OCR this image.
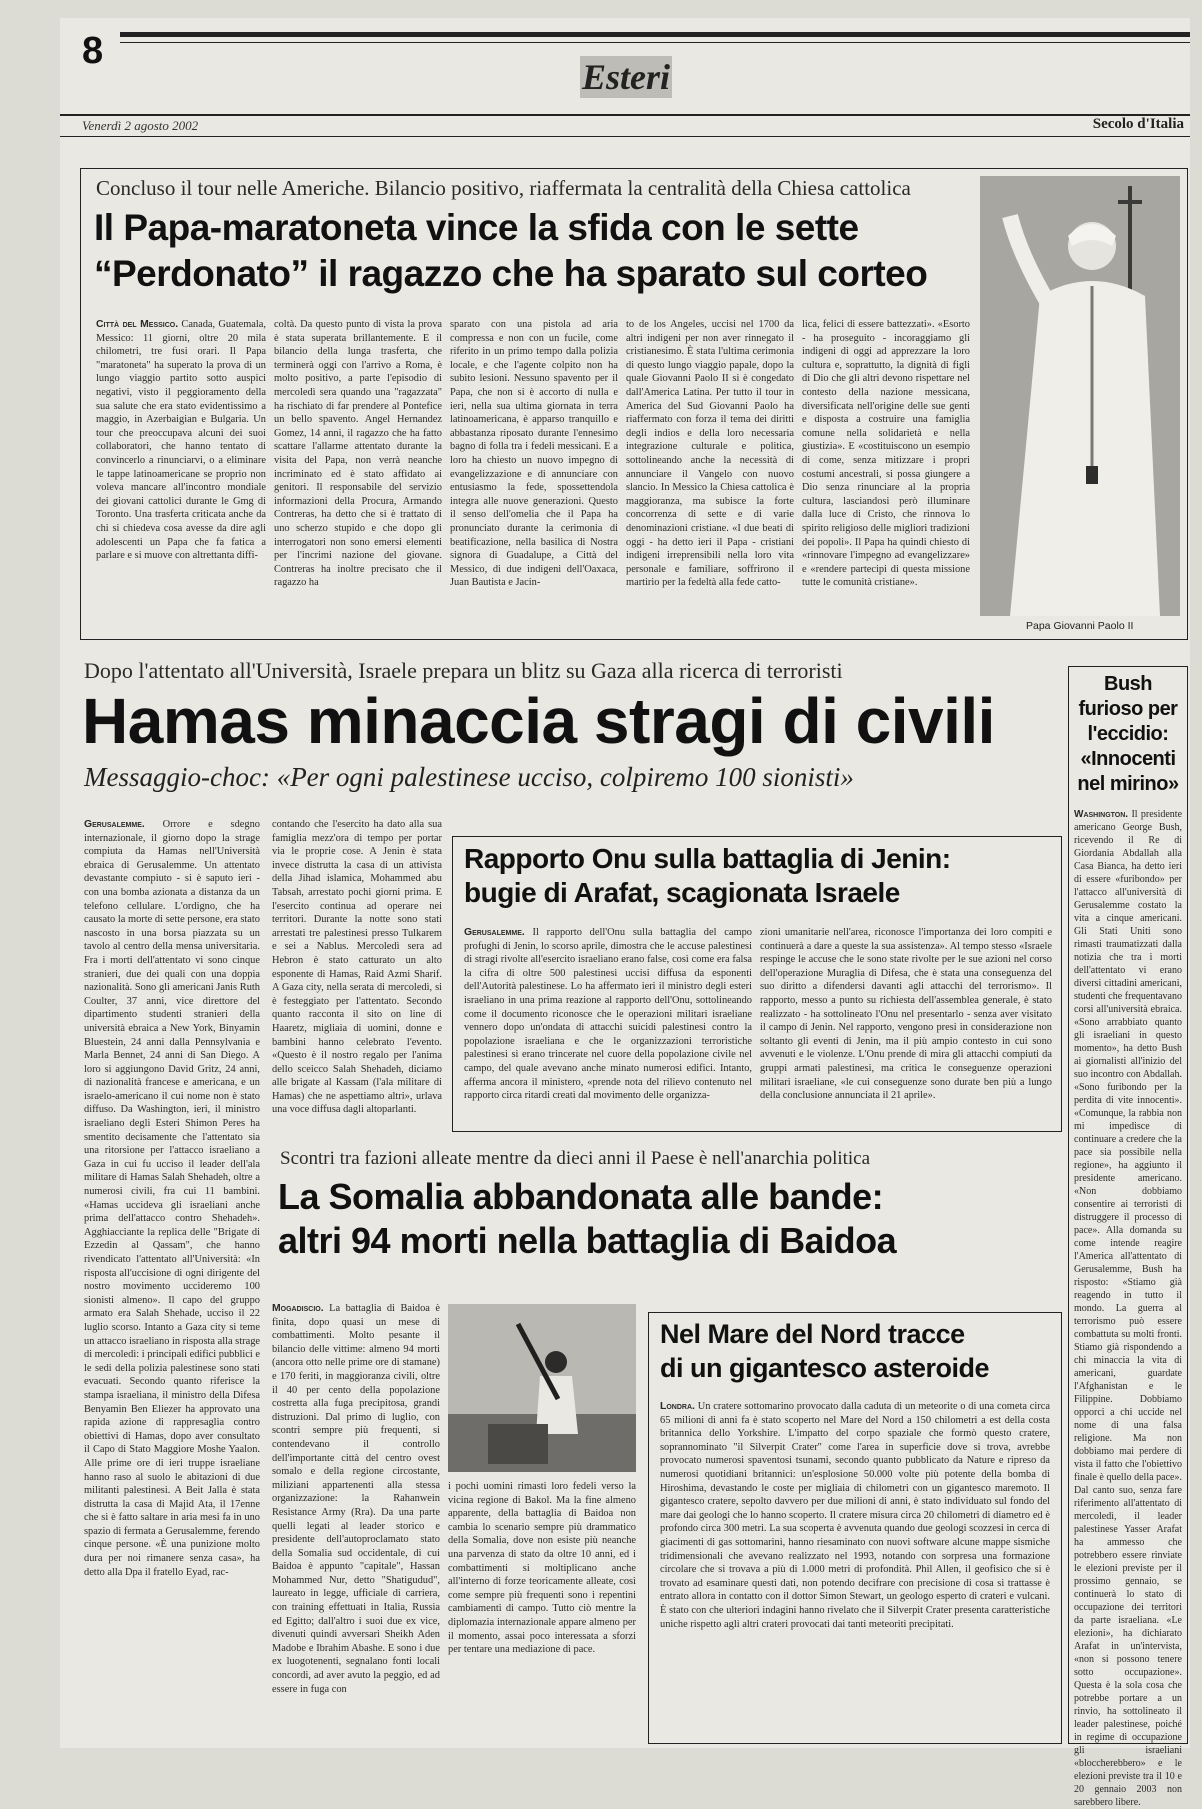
8
Esteri
Venerdì 2 agosto 2002	Secolo d'Italia
Concluso il tour nelle Americhe. Bilancio positivo, riaffermata la centralità della Chiesa cattolica
Il Papa-maratoneta vince la sfida con le sette
“Perdonato” il ragazzo che ha sparato sul corteo

Città del Messico. Canada, Guatemala, Messico: 11 giorni, oltre 20 mila chilometri, tre fusi orari. Il Papa "maratoneta" ha superato la prova di un lungo viaggio partito sotto auspici negativi, visto il peggioramento della sua salute che era stato evidentissimo a maggio, in Azerbaigian e Bulgaria. Un tour che preoccupava alcuni dei suoi collaboratori, che hanno tentato di convincerlo a rinunciarvi, o a eliminare le tappe latinoamericane se proprio non voleva mancare all'incontro mondiale dei giovani cattolici durante le Gmg di Toronto. Una trasferta criticata anche da chi si chiedeva cosa avesse da dire agli adolescenti un Papa che fa fatica a parlare e si muove con altrettanta diffi-

coltà. Da questo punto di vista la prova è stata superata brillantemente. E il bilancio della lunga trasferta, che terminerà oggi con l'arrivo a Roma, è molto positivo, a parte l'episodio di mercoledì sera quando una "ragazzata" ha rischiato di far prendere al Pontefice un bello spavento. Angel Hernandez Gomez, 14 anni, il ragazzo che ha fatto scattare l'allarme attentato durante la visita del Papa, non verrà neanche incriminato ed è stato affidato ai genitori. Il responsabile del servizio informazioni della Procura, Armando Contreras, ha detto che si è trattato di uno scherzo stupido e che dopo gli interrogatori non sono emersi elementi per l'incrimi nazione del giovane. Contreras ha inoltre precisato che il ragazzo ha

sparato con una pistola ad aria compressa e non con un fucile, come riferito in un primo tempo dalla polizia locale, e che l'agente colpito non ha subito lesioni. Nessuno spavento per il Papa, che non si è accorto di nulla e ieri, nella sua ultima giornata in terra latinoamericana, è apparso tranquillo e abbastanza riposato durante l'ennesimo bagno di folla tra i fedeli messicani. E a loro ha chiesto un nuovo impegno di evangelizzazione e di annunciare con entusiasmo la fede, spossettendola integra alle nuove generazioni. Questo il senso dell'omelia che il Papa ha pronunciato durante la cerimonia di beatificazione, nella basilica di Nostra signora di Guadalupe, a Città del Messico, di due indigeni dell'Oaxaca, Juan Bautista e Jacin-

to de los Angeles, uccisi nel 1700 da altri indigeni per non aver rinnegato il cristianesimo. È stata l'ultima cerimonia di questo lungo viaggio papale, dopo la quale Giovanni Paolo II si è congedato dall'America Latina. Per tutto il tour in America del Sud Giovanni Paolo ha riaffermato con forza il tema dei diritti degli indios e della loro necessaria integrazione culturale e politica, sottolineando anche la necessità di annunciare il Vangelo con nuovo slancio. In Messico la Chiesa cattolica è maggioranza, ma subisce la forte concorrenza di sette e di varie denominazioni cristiane. «I due beati di oggi - ha detto ieri il Papa - cristiani indigeni irreprensibili nella loro vita personale e familiare, soffrirono il martirio per la fedeltà alla fede catto-

lica, felici di essere battezzati». «Esorto - ha proseguito - incoraggiamo gli indigeni di oggi ad apprezzare la loro cultura e, soprattutto, la dignità di figli di Dio che gli altri devono rispettare nel contesto della nazione messicana, diversificata nell'origine delle sue genti e disposta a costruire una famiglia comune nella solidarietà e nella giustizia». E «costituiscono un esempio di come, senza mitizzare i propri costumi ancestrali, si possa giungere a Dio senza rinunciare al la propria cultura, lasciandosi però illuminare dalla luce di Cristo, che rinnova lo spirito religioso delle migliori tradizioni dei popoli». Il Papa ha quindi chiesto di «rinnovare l'impegno ad evangelizzare» e «rendere partecipi di questa missione tutte le comunità cristiane».

Papa Giovanni Paolo II
Dopo l'attentato all'Università, Israele prepara un blitz su Gaza alla ricerca di terroristi
Hamas minaccia stragi di civili
Messaggio-choc: «Per ogni palestinese ucciso, colpiremo 100 sionisti»

Gerusalemme. Orrore e sdegno internazionale, il giorno dopo la strage compiuta da Hamas nell'Università ebraica di Gerusalemme. Un attentato devastante compiuto - si è saputo ieri - con una bomba azionata a distanza da un telefono cellulare. L'ordigno, che ha causato la morte di sette persone, era stato nascosto in una borsa piazzata su un tavolo al centro della mensa universitaria. Fra i morti dell'attentato vi sono cinque stranieri, due dei quali con una doppia nazionalità. Sono gli americani Janis Ruth Coulter, 37 anni, vice direttore del dipartimento studenti stranieri della università ebraica a New York, Binyamin Bluestein, 24 anni dalla Pennsylvania e Marla Bennet, 24 anni di San Diego. A loro si aggiungono David Gritz, 24 anni, di nazionalità francese e americana, e un israelo-americano il cui nome non è stato diffuso. Da Washington, ieri, il ministro israeliano degli Esteri Shimon Peres ha smentito decisamente che l'attentato sia una ritorsione per l'attacco israeliano a Gaza in cui fu ucciso il leader dell'ala militare di Hamas Salah Shehadeh, oltre a numerosi civili, fra cui 11 bambini. «Hamas uccideva gli israeliani anche prima dell'attacco contro Shehadeh». Agghiacciante la replica delle "Brigate di Ezzedin al Qassam", che hanno rivendicato l'attentato all'Università: «In risposta all'uccisione di ogni dirigente del nostro movimento uccideremo 100 sionisti almeno». Il capo del gruppo armato era Salah Shehade, ucciso il 22 luglio scorso. Intanto a Gaza city si teme un attacco israeliano in risposta alla strage di mercoledì: i principali edifici pubblici e le sedi della polizia palestinese sono stati evacuati. Secondo quanto riferisce la stampa israeliana, il ministro della Difesa Benyamin Ben Eliezer ha approvato una rapida azione di rappresaglia contro obiettivi di Hamas, dopo aver consultato il Capo di Stato Maggiore Moshe Yaalon. Alle prime ore di ieri truppe israeliane hanno raso al suolo le abitazioni di due militanti palestinesi. A Beit Jalla è stata distrutta la casa di Majid Ata, il 17enne che si è fatto saltare in aria mesi fa in uno spazio di fermata a Gerusalemme, ferendo cinque persone. «È una punizione molto dura per noi rimanere senza casa», ha detto alla Dpa il fratello Eyad, rac-

contando che l'esercito ha dato alla sua famiglia mezz'ora di tempo per portar via le proprie cose. A Jenin è stata invece distrutta la casa di un attivista della Jihad islamica, Mohammed abu Tabsah, arrestato pochi giorni prima. E l'esercito continua ad operare nei territori. Durante la notte sono stati arrestati tre palestinesi presso Tulkarem e sei a Nablus. Mercoledì sera ad Hebron è stato catturato un alto esponente di Hamas, Raid Azmi Sharif. A Gaza city, nella serata di mercoledì, si è festeggiato per l'attentato. Secondo quanto racconta il sito on line di Haaretz, migliaia di uomini, donne e bambini hanno celebrato l'evento. «Questo è il nostro regalo per l'anima dello sceicco Salah Shehadeh, diciamo alle brigate al Kassam (l'ala militare di Hamas) che ne aspettiamo altri», urlava una voce diffusa dagli altoparlanti.

Rapporto Onu sulla battaglia di Jenin:
bugie di Arafat, scagionata Israele

Gerusalemme. Il rapporto dell'Onu sulla battaglia del campo profughi di Jenin, lo scorso aprile, dimostra che le accuse palestinesi di stragi rivolte all'esercito israeliano erano false, così come era falsa la cifra di oltre 500 palestinesi uccisi diffusa da esponenti dell'Autorità palestinese. Lo ha affermato ieri il ministro degli esteri israeliano in una prima reazione al rapporto dell'Onu, sottolineando come il documento riconosce che le operazioni militari israeliane vennero dopo un'ondata di attacchi suicidi palestinesi contro la popolazione israeliana e che le organizzazioni terroristiche palestinesi si erano trincerate nel cuore della popolazione civile nel campo, del quale avevano anche minato numerosi edifici. Intanto, afferma ancora il ministero, «prende nota del rilievo contenuto nel rapporto circa ritardi creati dal movimento delle organizza-

zioni umanitarie nell'area, riconosce l'importanza dei loro compiti e continuerà a dare a queste la sua assistenza». Al tempo stesso «Israele respinge le accuse che le sono state rivolte per le sue azioni nel corso dell'operazione Muraglia di Difesa, che è stata una conseguenza del suo diritto a difendersi davanti agli attacchi del terrorismo». Il rapporto, messo a punto su richiesta dell'assemblea generale, è stato realizzato - ha sottolineato l'Onu nel presentarlo - senza aver visitato il campo di Jenin. Nel rapporto, vengono presi in considerazione non soltanto gli eventi di Jenin, ma il più ampio contesto in cui sono avvenuti e le violenze. L'Onu prende di mira gli attacchi compiuti da gruppi armati palestinesi, ma critica le conseguenze operazioni militari israeliane, «le cui conseguenze sono durate ben più a lungo della conclusione annunciata il 21 aprile».

Scontri tra fazioni alleate mentre da dieci anni il Paese è nell'anarchia politica
La Somalia abbandonata alle bande:
altri 94 morti nella battaglia di Baidoa

Mogadiscio. La battaglia di Baidoa è finita, dopo quasi un mese di combattimenti. Molto pesante il bilancio delle vittime: almeno 94 morti (ancora otto nelle prime ore di stamane) e 170 feriti, in maggioranza civili, oltre il 40 per cento della popolazione costretta alla fuga precipitosa, grandi distruzioni. Dal primo di luglio, con scontri sempre più frequenti, si contendevano il controllo dell'importante città del centro ovest somalo e della regione circostante, miliziani appartenenti alla stessa organizzazione: la Rahanwein Resistance Army (Rra). Da una parte quelli legati al leader storico e presidente dell'autoproclamato stato della Somalia sud occidentale, di cui Baidoa è appunto "capitale", Hassan Mohammed Nur, detto "Shatigudud", laureato in legge, ufficiale di carriera, con training effettuati in Italia, Russia ed Egitto; dall'altro i suoi due ex vice, divenuti quindi avversari Sheikh Aden Madobe e Ibrahim Abashe. E sono i due ex luogotenenti, segnalano fonti locali concordi, ad aver avuto la peggio, ed ad essere in fuga con

i pochi uomini rimasti loro fedeli verso la vicina regione di Bakol. Ma la fine almeno apparente, della battaglia di Baidoa non cambia lo scenario sempre più drammatico della Somalia, dove non esiste più neanche una parvenza di stato da oltre 10 anni, ed i combattimenti si moltiplicano anche all'interno di forze teoricamente alleate, così come sempre più frequenti sono i repentini cambiamenti di campo. Tutto ciò mentre la diplomazia internazionale appare almeno per il momento, assai poco interessata a sforzi per tentare una mediazione di pace.

Nel Mare del Nord tracce
di un gigantesco asteroide

Londra. Un cratere sottomarino provocato dalla caduta di un meteorite o di una cometa circa 65 milioni di anni fa è stato scoperto nel Mare del Nord a 150 chilometri a est della costa britannica dello Yorkshire. L'impatto del corpo spaziale che formò questo cratere, soprannominato "il Silverpit Crater" come l'area in superficie dove si trova, avrebbe provocato numerosi spaventosi tsunami, secondo quanto pubblicato da Nature e ripreso da numerosi quotidiani britannici: un'esplosione 50.000 volte più potente della bomba di Hiroshima, devastando le coste per migliaia di chilometri con un gigantesco maremoto. Il gigantesco cratere, sepolto davvero per due milioni di anni, è stato individuato sul fondo del mare dai geologi che lo hanno scoperto. Il cratere misura circa 20 chilometri di diametro ed è profondo circa 300 metri. La sua scoperta è avvenuta quando due geologi scozzesi in cerca di giacimenti di gas sottomarini, hanno riesaminato con nuovi software alcune mappe sismiche tridimensionali che avevano realizzato nel 1993, notando con sorpresa una formazione circolare che si trovava a più di 1.000 metri di profondità. Phil Allen, il geofisico che si è trovato ad esaminare questi dati, non potendo decifrare con precisione di cosa si trattasse è entrato allora in contatto con il dottor Simon Stewart, un geologo esperto di crateri e vulcani. È stato con che ulteriori indagini hanno rivelato che il Silverpit Crater presenta caratteristiche uniche rispetto agli altri crateri provocati dai tanti meteoriti precipitati.

Bush furioso per l'eccidio: «Innocenti nel mirino»

Washington. Il presidente americano George Bush, ricevendo il Re di Giordania Abdallah alla Casa Bianca, ha detto ieri di essere «furibondo» per l'attacco all'università di Gerusalemme costato la vita a cinque americani. Gli Stati Uniti sono rimasti traumatizzati dalla notizia che tra i morti dell'attentato vi erano diversi cittadini americani, studenti che frequentavano corsi all'università ebraica. «Sono arrabbiato quanto gli israeliani in questo momento», ha detto Bush ai giornalisti all'inizio del suo incontro con Abdallah. «Sono furibondo per la perdita di vite innocenti». «Comunque, la rabbia non mi impedisce di continuare a credere che la pace sia possibile nella regione», ha aggiunto il presidente americano. «Non dobbiamo consentire ai terroristi di distruggere il processo di pace». Alla domanda su come intende reagire l'America all'attentato di Gerusalemme, Bush ha risposto: «Stiamo già reagendo in tutto il mondo. La guerra al terrorismo può essere combattuta su molti fronti. Stiamo già rispondendo a chi minaccia la vita di americani, guardate l'Afghanistan e le Filippine. Dobbiamo opporci a chi uccide nel nome di una falsa religione. Ma non dobbiamo mai perdere di vista il fatto che l'obiettivo finale è quello della pace». Dal canto suo, senza fare riferimento all'attentato di mercoledì, il leader palestinese Yasser Arafat ha ammesso che potrebbero essere rinviate le elezioni previste per il prossimo gennaio, se continuerà lo stato di occupazione dei territori da parte israeliana. «Le elezioni», ha dichiarato Arafat in un'intervista, «non si possono tenere sotto occupazione». Questa è la sola cosa che potrebbe portare a un rinvio, ha sottolineato il leader palestinese, poiché in regime di occupazione gli israeliani «bloccherebbero» e le elezioni previste tra il 10 e 20 gennaio 2003 non sarebbero libere.
